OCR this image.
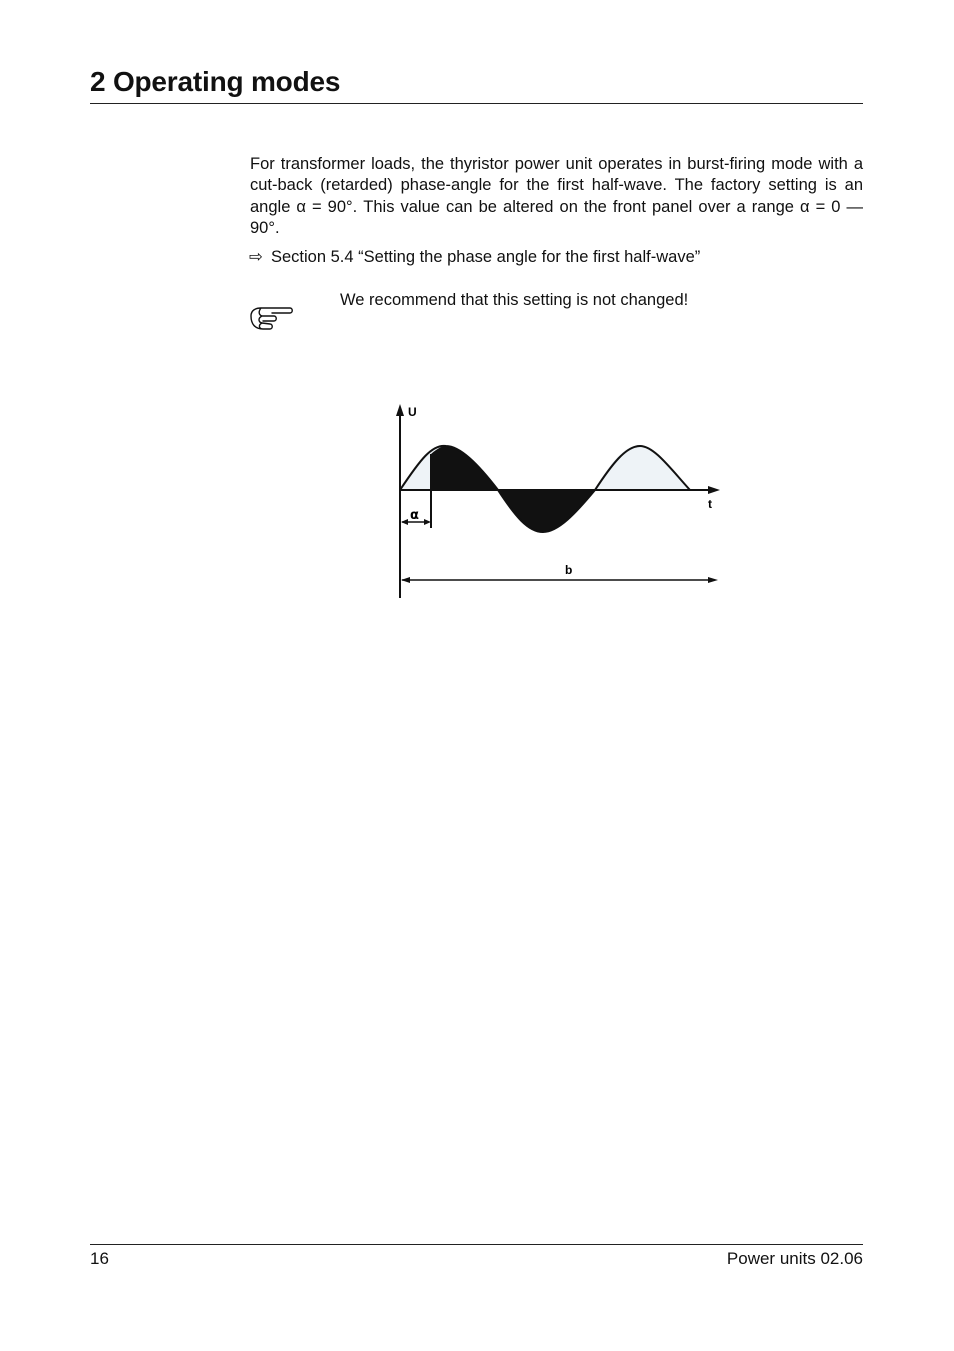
2 Operating modes
For transformer loads, the thyristor power unit operates in burst-firing mode with a cut-back (retarded) phase-angle for the first half-wave. The factory setting is an angle α = 90°. This value can be altered on the front panel over a range α = 0 — 90°.
⇨ Section 5.4 “Setting the phase angle for the first half-wave”
We recommend that this setting is not changed!
U
t
α
b
16	Power units 02.06
